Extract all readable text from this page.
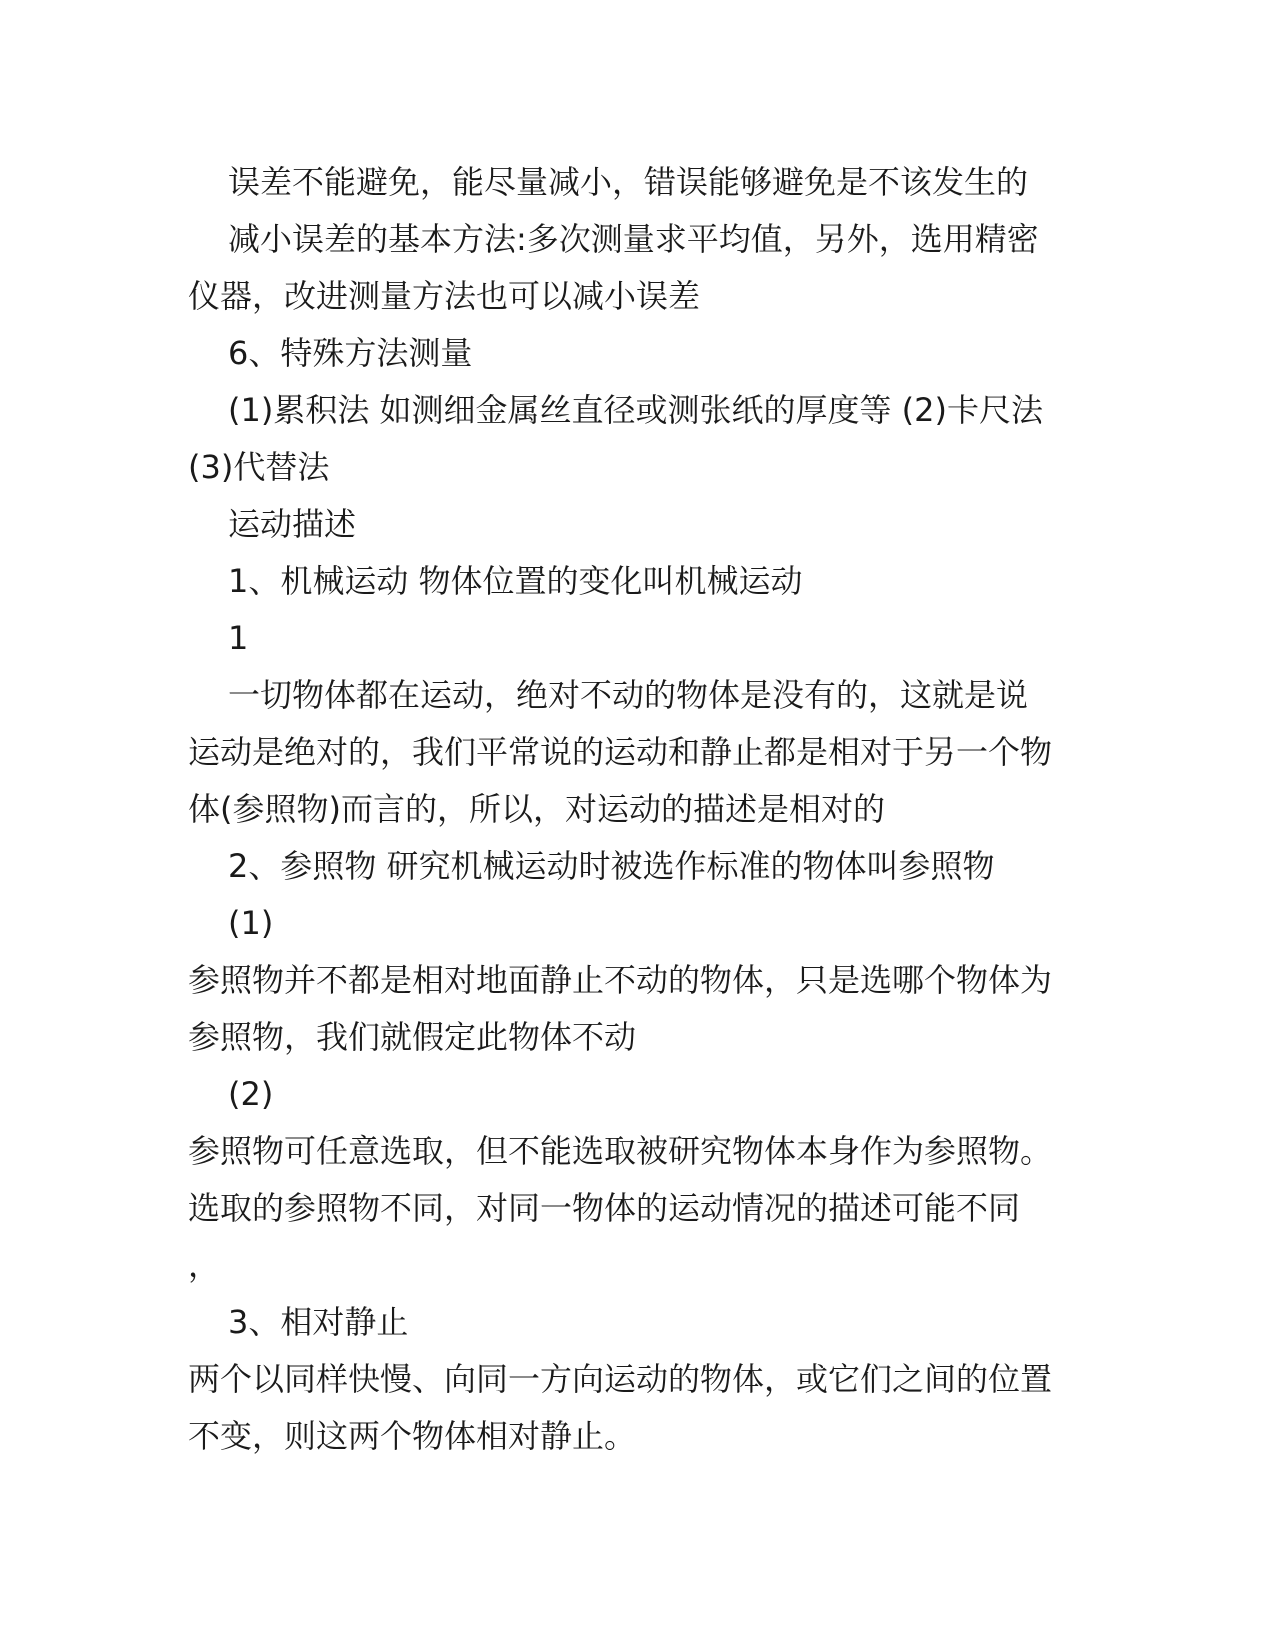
误差不能避免，能尽量减小，错误能够避免是不该发生的
减小误差的基本方法:多次测量求平均值，另外，选用精密
仪器，改进测量方法也可以减小误差
6、特殊方法测量
(1)累积法 如测细金属丝直径或测张纸的厚度等 (2)卡尺法
(3)代替法
运动描述
1、机械运动 物体位置的变化叫机械运动
1
一切物体都在运动，绝对不动的物体是没有的，这就是说
运动是绝对的，我们平常说的运动和静止都是相对于另一个物
体(参照物)而言的，所以，对运动的描述是相对的
2、参照物 研究机械运动时被选作标准的物体叫参照物
(1)
参照物并不都是相对地面静止不动的物体，只是选哪个物体为
参照物，我们就假定此物体不动
(2)
参照物可任意选取，但不能选取被研究物体本身作为参照物。
选取的参照物不同，对同一物体的运动情况的描述可能不同
，
3、相对静止
两个以同样快慢、向同一方向运动的物体，或它们之间的位置
不变，则这两个物体相对静止。
